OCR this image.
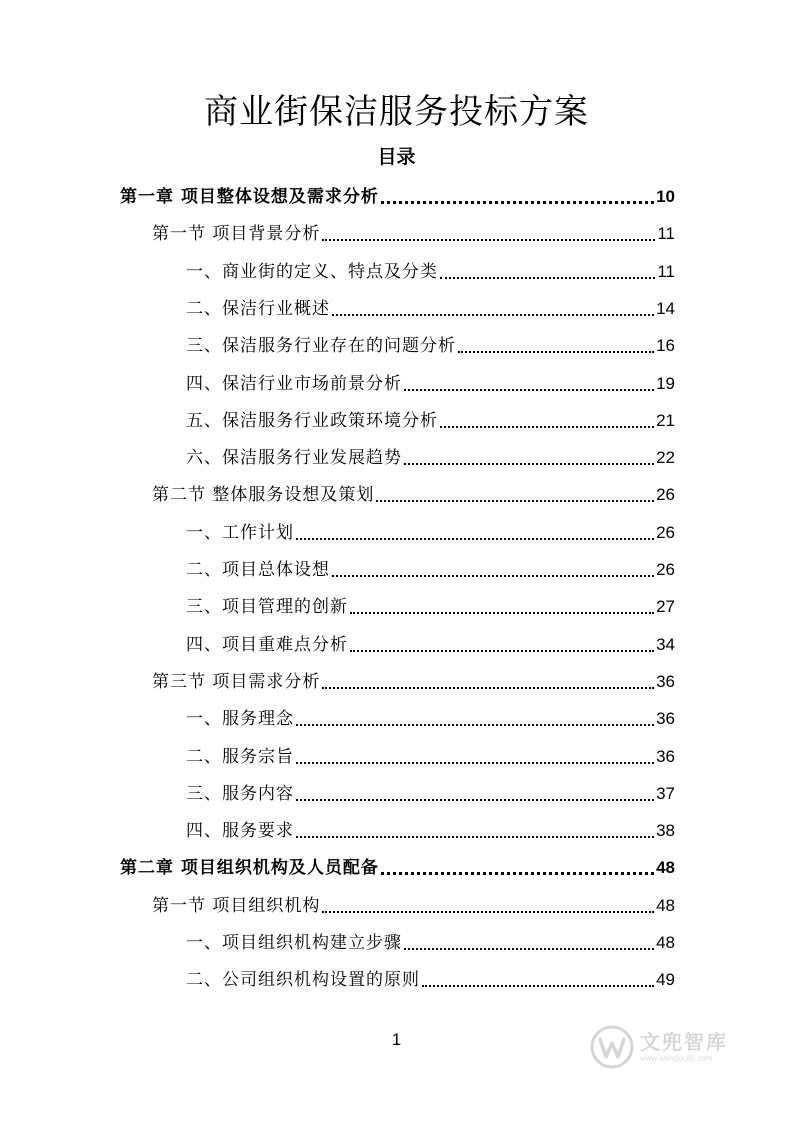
商业街保洁服务投标方案
目录
第一章 项目整体设想及需求分析	10
第一节 项目背景分析	11
一、商业街的定义、特点及分类	11
二、保洁行业概述	14
三、保洁服务行业存在的问题分析	16
四、保洁行业市场前景分析	19
五、保洁服务行业政策环境分析	21
六、保洁服务行业发展趋势	22
第二节 整体服务设想及策划	26
一、工作计划	26
二、项目总体设想	26
三、项目管理的创新	27
四、项目重难点分析	34
第三节 项目需求分析	36
一、服务理念	36
二、服务宗旨	36
三、服务内容	37
四、服务要求	38
第二章 项目组织机构及人员配备	48
第一节 项目组织机构	48
一、项目组织机构建立步骤	48
二、公司组织机构设置的原则	49
1	文兜智库
www.wendoulib.com
